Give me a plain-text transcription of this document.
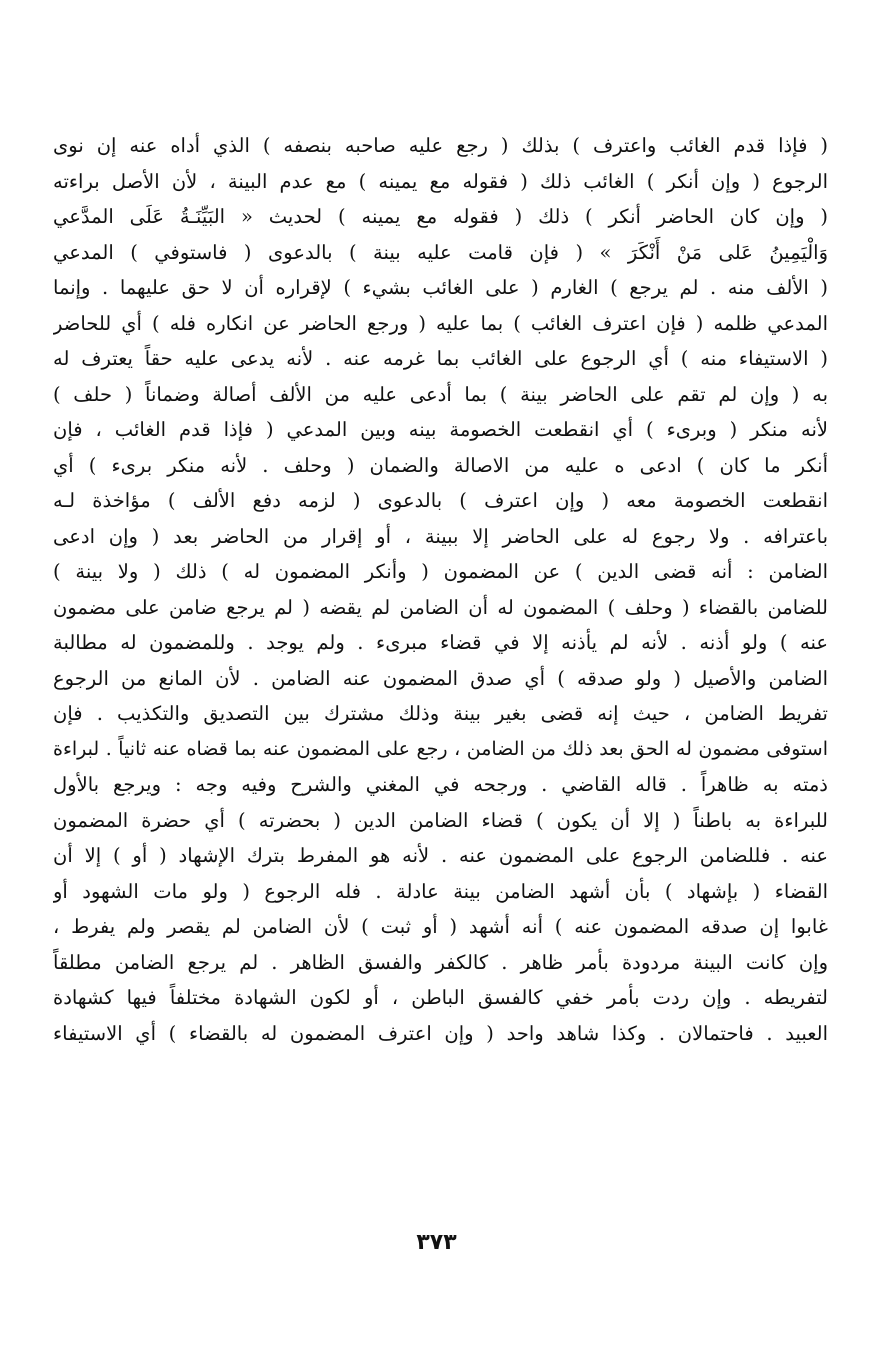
( فإذا قدم الغائب واعترف ) بذلك ( رجع عليه صاحبه بنصفه ) الذي أداه عنه إن نوى
الرجوع ( وإن أنكر ) الغائب ذلك ( فقوله مع يمينه ) مع عدم البينة ، لأن الأصل براءته
( وإن كان الحاضر أنكر ) ذلك ( فقوله مع يمينه ) لحديث « البَيِّنَـةُ عَلَى المدَّعي
وَالْيَمِينُ عَلى مَنْ أَنْكَرَ » ( فإن قامت عليه بينة ) بالدعوى ( فاستوفي ) المدعي
( الألف منه . لم يرجع ) الغارم ( على الغائب بشيء ) لإقراره أن لا حق عليهما . وإنما
المدعي ظلمه ( فإن اعترف الغائب ) بما عليه ( ورجع الحاضر عن انكاره فله ) أي للحاضر
( الاستيفاء منه ) أي الرجوع على الغائب بما غرمه عنه . لأنه يدعى عليه حقاً يعترف له
به ( وإن لم تقم على الحاضر بينة ) بما أدعى عليه من الألف أصالة وضماناً ( حلف )
لأنه منكر ( وبرىء ) أي انقطعت الخصومة بينه وبين المدعي ( فإذا قدم الغائب ، فإن
أنكر ما كان ) ادعى ه عليه من الاصالة والضمان ( وحلف . لأنه منكر برىء ) أي
انقطعت الخصومة معه ( وإن اعترف ) بالدعوى ( لزمه دفع الألف ) مؤاخذة لـه
باعترافه . ولا رجوع له على الحاضر إلا ببينة ، أو إقرار من الحاضر بعد ( وإن ادعى
الضامن : أنه قضى الدين ) عن المضمون ( وأنكر المضمون له ) ذلك ( ولا بينة )
للضامن بالقضاء ( وحلف ) المضمون له أن الضامن لم يقضه ( لم يرجع ضامن على مضمون
عنه ) ولو أذنه . لأنه لم يأذنه إلا في قضاء مبرىء . ولم يوجد . وللمضمون له مطالبة
الضامن والأصيل ( ولو صدقه ) أي صدق المضمون عنه الضامن . لأن المانع من الرجوع
تفريط الضامن ، حيث إنه قضى بغير بينة وذلك مشترك بين التصديق والتكذيب . فإن
استوفى مضمون له الحق بعد ذلك من الضامن ، رجع على المضمون عنه بما قضاه عنه ثانياً . لبراءة
ذمته به ظاهراً . قاله القاضي . ورجحه في المغني والشرح وفيه وجه : ويرجع بالأول
للبراءة به باطناً ( إلا أن يكون ) قضاء الضامن الدين ( بحضرته ) أي حضرة المضمون
عنه . فللضامن الرجوع على المضمون عنه . لأنه هو المفرط بترك الإشهاد ( أو ) إلا أن
القضاء ( بإشهاد ) بأن أشهد الضامن بينة عادلة . فله الرجوع ( ولو مات الشهود أو
غابوا إن صدقه المضمون عنه ) أنه أشهد ( أو ثبت ) لأن الضامن لم يقصر ولم يفرط ،
وإن كانت البينة مردودة بأمر ظاهر . كالكفر والفسق الظاهر . لم يرجع الضامن مطلقاً
لتفريطه . وإن ردت بأمر خفي كالفسق الباطن ، أو لكون الشهادة مختلفاً فيها كشهادة
العبيد . فاحتمالان . وكذا شاهد واحد ( وإن اعترف المضمون له بالقضاء ) أي الاستيفاء
٣٧٣
